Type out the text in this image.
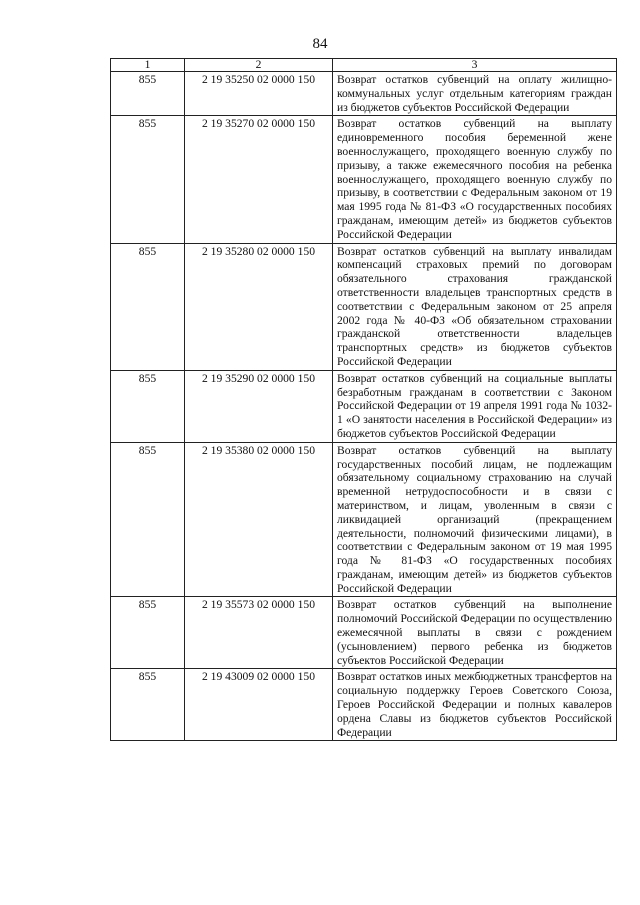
84
1	2	3
855	2 19 35250 02 0000 150	Возврат остатков субвенций на оплату жилищно-коммунальных услуг отдельным категориям граждан из бюджетов субъектов Российской Федерации
855	2 19 35270 02 0000 150	Возврат остатков субвенций на выплату единовременного пособия беременной жене военнослужащего, проходящего военную службу по призыву, а также ежемесячного пособия на ребенка военнослужащего, проходящего военную службу по призыву, в соответствии с Федеральным законом от 19 мая 1995 года № 81-ФЗ «О государственных пособиях гражданам, имеющим детей» из бюджетов субъектов Российской Федерации
855	2 19 35280 02 0000 150	Возврат остатков субвенций на выплату инвалидам компенсаций страховых премий по договорам обязательного страхования гражданской ответственности владельцев транспортных средств в соответствии с Федеральным законом от 25 апреля 2002 года № 40-ФЗ «Об обязательном страховании гражданской ответственности владельцев транспортных средств» из бюджетов субъектов Российской Федерации
855	2 19 35290 02 0000 150	Возврат остатков субвенций на социальные выплаты безработным гражданам в соответствии с Законом Российской Федерации от 19 апреля 1991 года № 1032-1 «О занятости населения в Российской Федерации» из бюджетов субъектов Российской Федерации
855	2 19 35380 02 0000 150	Возврат остатков субвенций на выплату государственных пособий лицам, не подлежащим обязательному социальному страхованию на случай временной нетрудоспособности и в связи с материнством, и лицам, уволенным в связи с ликвидацией организаций (прекращением деятельности, полномочий физическими лицами), в соответствии с Федеральным законом от 19 мая 1995 года № 81-ФЗ «О государственных пособиях гражданам, имеющим детей» из бюджетов субъектов Российской Федерации
855	2 19 35573 02 0000 150	Возврат остатков субвенций на выполнение полномочий Российской Федерации по осуществлению ежемесячной выплаты в связи с рождением (усыновлением) первого ребенка из бюджетов субъектов Российской Федерации
855	2 19 43009 02 0000 150	Возврат остатков иных межбюджетных трансфертов на социальную поддержку Героев Советского Союза, Героев Российской Федерации и полных кавалеров ордена Славы из бюджетов субъектов Российской Федерации
